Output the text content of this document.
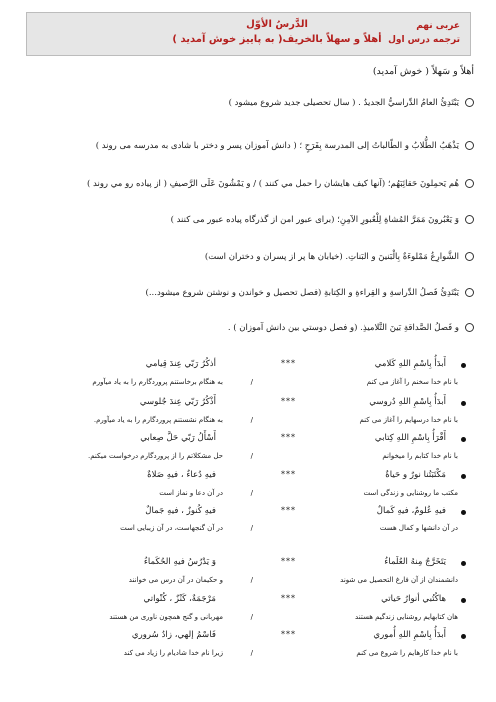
عربی نهم
ترجمه درس اول
الدَّرسُ الأوّل
أهلاً و سهلاً بالخریف( به پاییز خوش آمدید )
أهلاً و سَهلاً ( خوش آمدید)
يَبْتَدِئُ العامُ الدِّراسيُّ الجديدُ . ( سال تحصیلی جدید شروع میشود )
يَذْهَبُ الطُّلابُ و الطّالباتُ إلى المدرسة بِفَرَحٍ ؛ ( دانش آموزان پسر و دختر با شادی به مدرسه می روند )
هُم يَحمِلونَ حَقائِبَهُم؛ (آنها كيف هايشان را حمل مي كنند ) / و يَمْشُونَ عَلَى الرَّصيفِ ( از پياده رو مي روند )
وَ يَعْبُرونَ مَمَرَّ المُشاةِ لِلْعُبورِ الآمِنِ؛ (براى عبور امن از گذرگاه پياده عبور مى كنند )
الشَّوارِعُ مَمْلوءَةٌ بِالْبَنينَ و البَناتِ. (خيابان ها پر از پسران و دختران است)
يَبْتَدِئُ فَصلُ الدِّراسةِ و القِراءةِ و الكِتابةِ (فصل تحصيل و خواندن و نوشتن شروع ميشود...)
و فَصلُ الصَّداقةِ بَينَ التَّلاميذِ. (و فصل دوستي بين دانش آموزان ) .
أَبدَأُ بِاسْمِ اللهِ كَلامي
***
أذكُرُ رَبّي عِندَ قِيامي
با نام خدا سخنم را آغاز می کنم
/
به هنگام برخاستنم پروردگارم را به یاد میآورم
أَبدَأُ بِاسْمِ اللهِ دُروسي
***
أَذْكُرُ رَبّي عِندَ جُلوسي
با نام خدا درسهایم را آغاز می کنم
/
به هنگام نشستنم پروردگارم را به یاد میآورم.
أَقْرَأُ بِاسْمِ اللهِ كِتابي
***
أَسْأَلُ رَبّي حَلَّ صِعابي
با نام خدا كتابم را میخوانم
/
حل مشكلاتم را از پروردگارم درخواست میكنم.
مَكْتَبَتُنا نورٌ و حَياةٌ
***
فيهِ دُعاءٌ ، فيهِ صَلاةٌ
مكتب ما روشنایی و زندگی است
/
در آن دعا و نماز است
فيهِ عُلومٌ، فيهِ كَمالٌ
***
فيهِ كُنوزٌ ، فيهِ جَمالٌ
در آن دانشها و كمال هست
/
در آن گنجهاست، در آن زیبایی است
يَتَخَرَّجُ مِنهُ العُلَماءُ
***
وَ يَدْرُسُ فيهِ الحُكَماءُ
دانشمندان از آن فارغ التحصیل می شوند
/
و حكیمان در آن درس می خوانند
هاكُتُبي أنوارُ حَياتي
***
مَرْجَمَةٌ، كَنْزٌ ، كُنْواتي
هان كتابهایم روشنایی زندگیم هستند
/
مهربانی و گنج همچون ناوری من هستند
أَبدَأُ بِاسْمِ اللهِ أُموري
***
فَاسْمُ إلهي، زادُ سُروري
با نام خدا كارهایم را شروع می كنم
/
زیرا نام خدا شادیام را زیاد می كند
